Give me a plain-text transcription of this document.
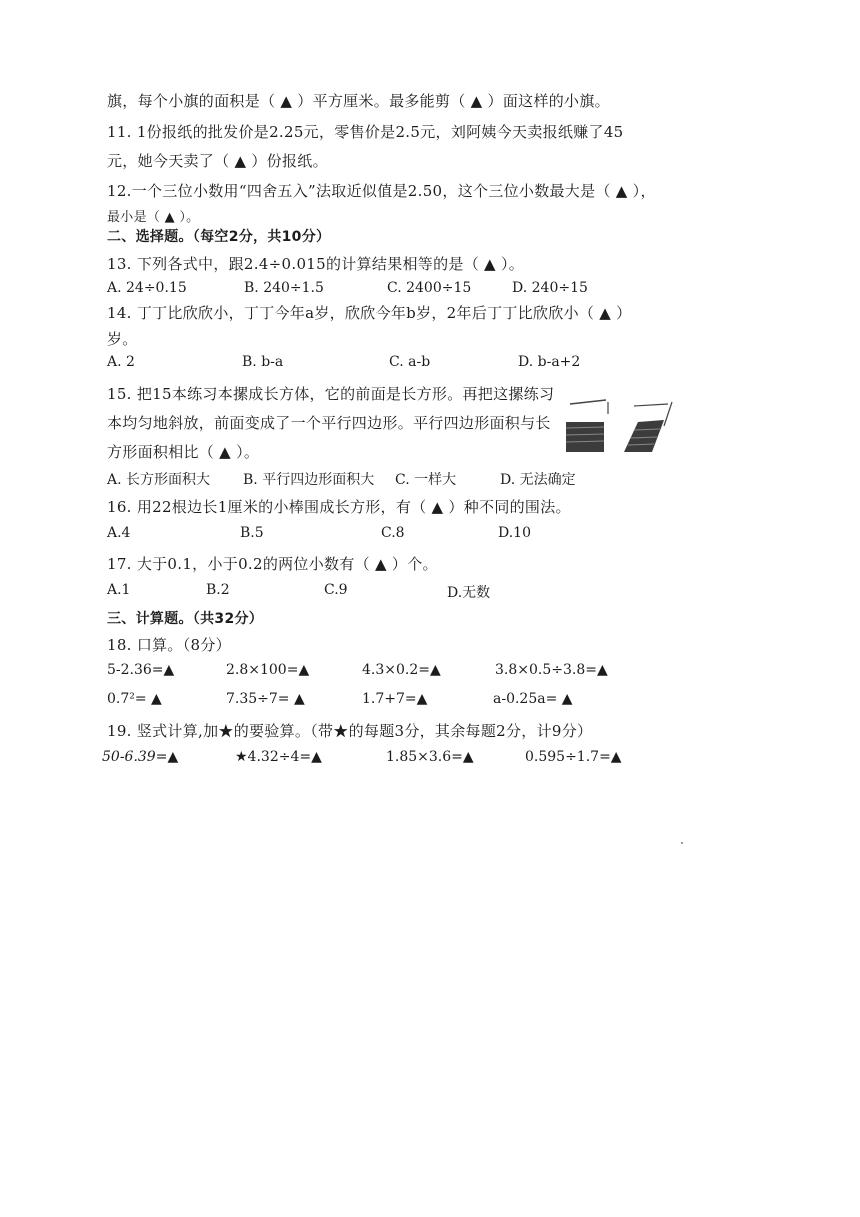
旗，每个小旗的面积是（ ▲ ）平方厘米。最多能剪（ ▲ ）面这样的小旗。
11. 1份报纸的批发价是2.25元，零售价是2.5元，刘阿姨今天卖报纸赚了45
元，她今天卖了（ ▲ ）份报纸。
12.一个三位小数用“四舍五入”法取近似值是2.50，这个三位小数最大是（ ▲ ），
最小是（ ▲ ）。
二、选择题。（每空2分，共10分）
13. 下列各式中，跟2.4÷0.015的计算结果相等的是（ ▲ ）。
A. 24÷0.15	B. 240÷1.5	C. 2400÷15	D. 240÷15
14. 丁丁比欣欣小，丁丁今年a岁，欣欣今年b岁，2年后丁丁比欣欣小（ ▲ ）
岁。
A. 2	B. b-a	C. a-b	D. b-a+2
15. 把15本练习本摞成长方体，它的前面是长方形。再把这摞练习
本均匀地斜放，前面变成了一个平行四边形。平行四边形面积与长
方形面积相比（ ▲ ）。
A. 长方形面积大 B. 平行四边形面积大 C. 一样大	D. 无法确定
16. 用22根边长1厘米的小棒围成长方形，有（ ▲ ）种不同的围法。
A.4	B.5	C.8	D.10
17. 大于0.1，小于0.2的两位小数有（ ▲ ）个。
A.1	B.2	C.9	D.无数
三、计算题。（共32分）
18. 口算。（8分）
5-2.36=▲	2.8×100=▲	4.3×0.2=▲	3.8×0.5÷3.8=▲
0.7²= ▲	7.35÷7= ▲	1.7+7=▲	a-0.25a= ▲
19. 竖式计算,加★的要验算。（带★的每题3分，其余每题2分，计9分）
50-6.39=▲	★4.32÷4=▲	1.85×3.6=▲	0.595÷1.7=▲
